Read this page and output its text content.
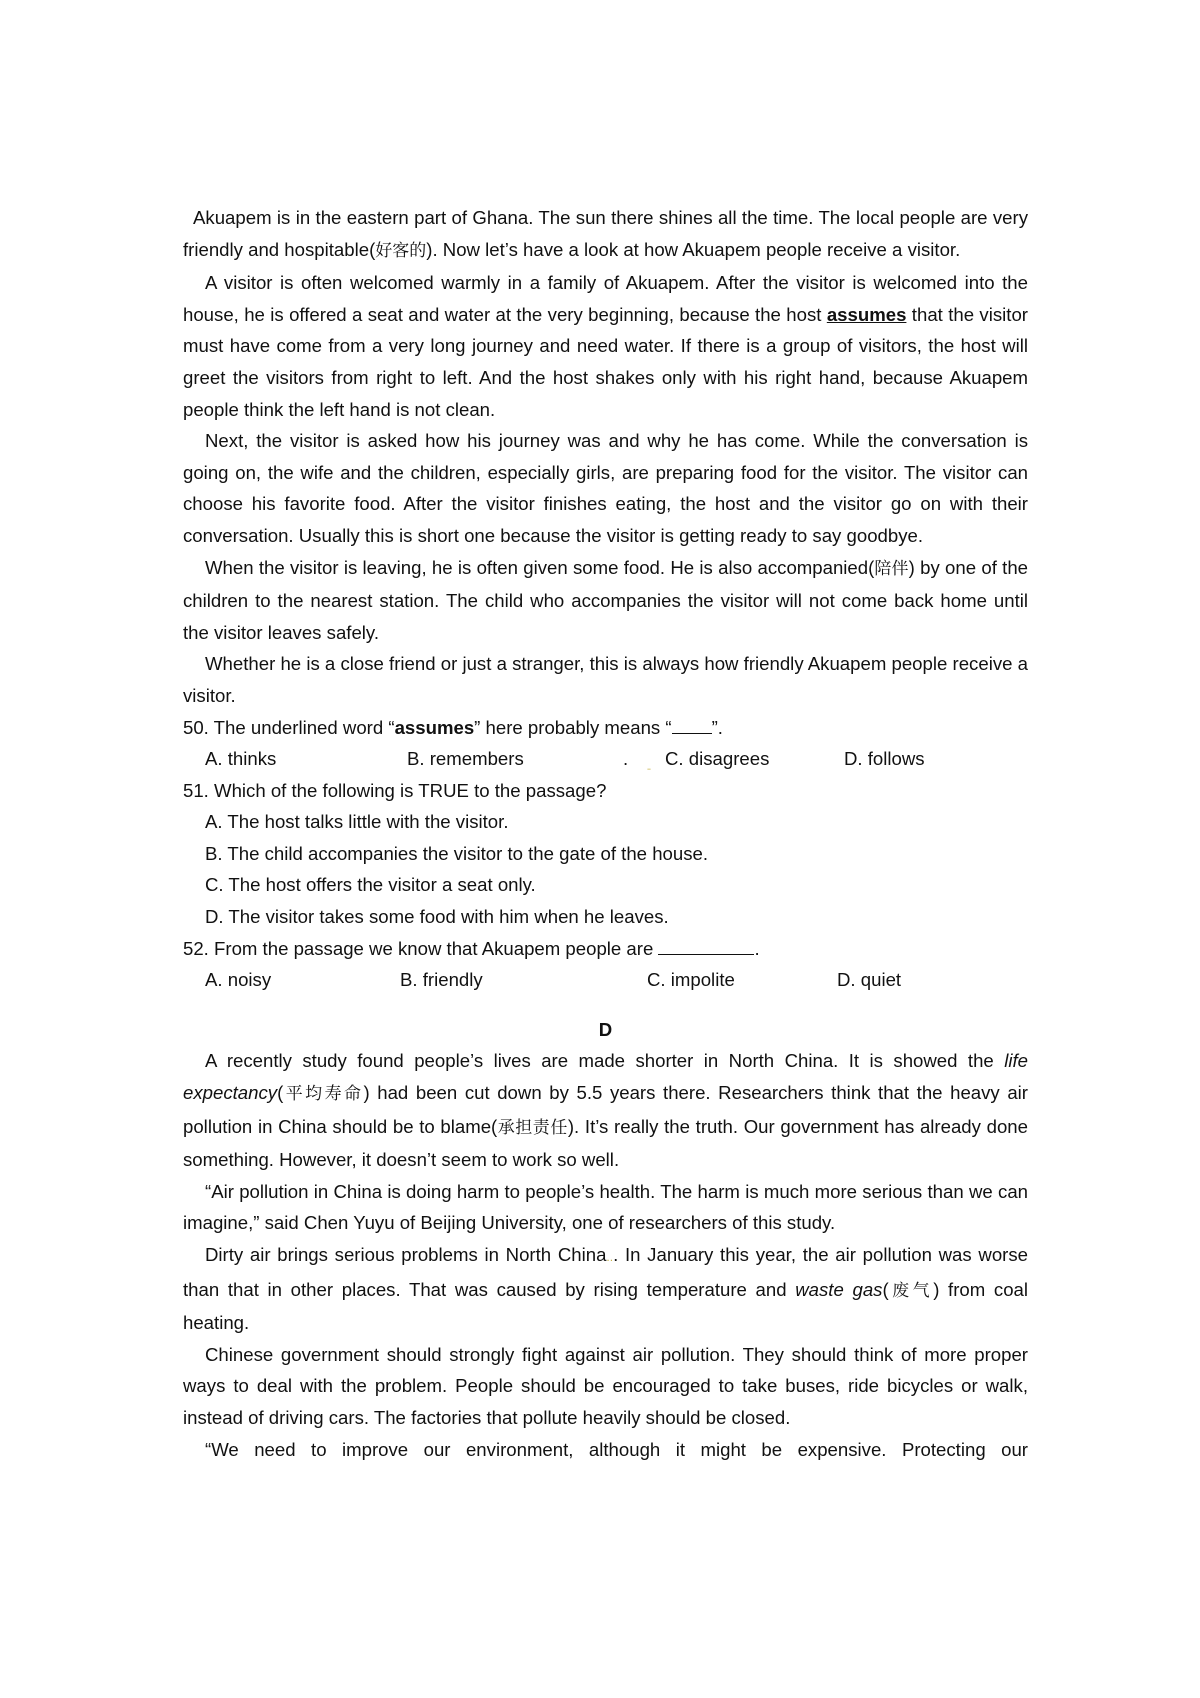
Akuapem is in the eastern part of Ghana. The sun there shines all the time. The local people are very friendly and hospitable(好客的). Now let’s have a look at how Akuapem people receive a visitor.

A visitor is often welcomed warmly in a family of Akuapem. After the visitor is welcomed into the house, he is offered a seat and water at the very beginning, because the host assumes that the visitor must have come from a very long journey and need water. If there is a group of visitors, the host will greet the visitors from right to left. And the host shakes only with his right hand, because Akuapem people think the left hand is not clean.

Next, the visitor is asked how his journey was and why he has come. While the conversation is going on, the wife and the children, especially girls, are preparing food for the visitor. The visitor can choose his favorite food. After the visitor finishes eating, the host and the visitor go on with their conversation. Usually this is short one because the visitor is getting ready to say goodbye.

When the visitor is leaving, he is often given some food. He is also accompanied(陪伴) by one of the children to the nearest station. The child who accompanies the visitor will not come back home until the visitor leaves safely.

Whether he is a close friend or just a stranger, this is always how friendly Akuapem people receive a visitor.

50. The underlined word “assumes” here probably means “ ”.

A. thinks	B. remembers	. ˍ C. disagrees	D. follows

51. Which of the following is TRUE to the passage?

A. The host talks little with the visitor.

B. The child accompanies the visitor to the gate of the house.

C. The host offers the visitor a seat only.

D. The visitor takes some food with him when he leaves.

52. From the passage we know that Akuapem people are	.

A. noisy	B. friendly	C. impolite	D. quiet

D

A recently study found people’s lives are made shorter in North China. It is showed the life expectancy(平均寿命) had been cut down by 5.5 years there. Researchers think that the heavy air pollution in China should be to blame(承担责任). It’s really the truth. Our government has already done something. However, it doesn’t seem to work so well.

“Air pollution in China is doing harm to people’s health. The harm is much more serious than we can imagine,” said Chen Yuyu of Beijing University, one of researchers of this study.

Dirty air brings serious problems in North China... In January this year, the air pollution was worse than that in other places. That was caused by rising temperature and waste gas(废气) from coal heating.

Chinese government should strongly fight against air pollution. They should think of more proper ways to deal with the problem. People should be encouraged to take buses, ride bicycles or walk, instead of driving cars. The factories that pollute heavily should be closed.

“We need to improve our environment, although it might be expensive. Protecting our
